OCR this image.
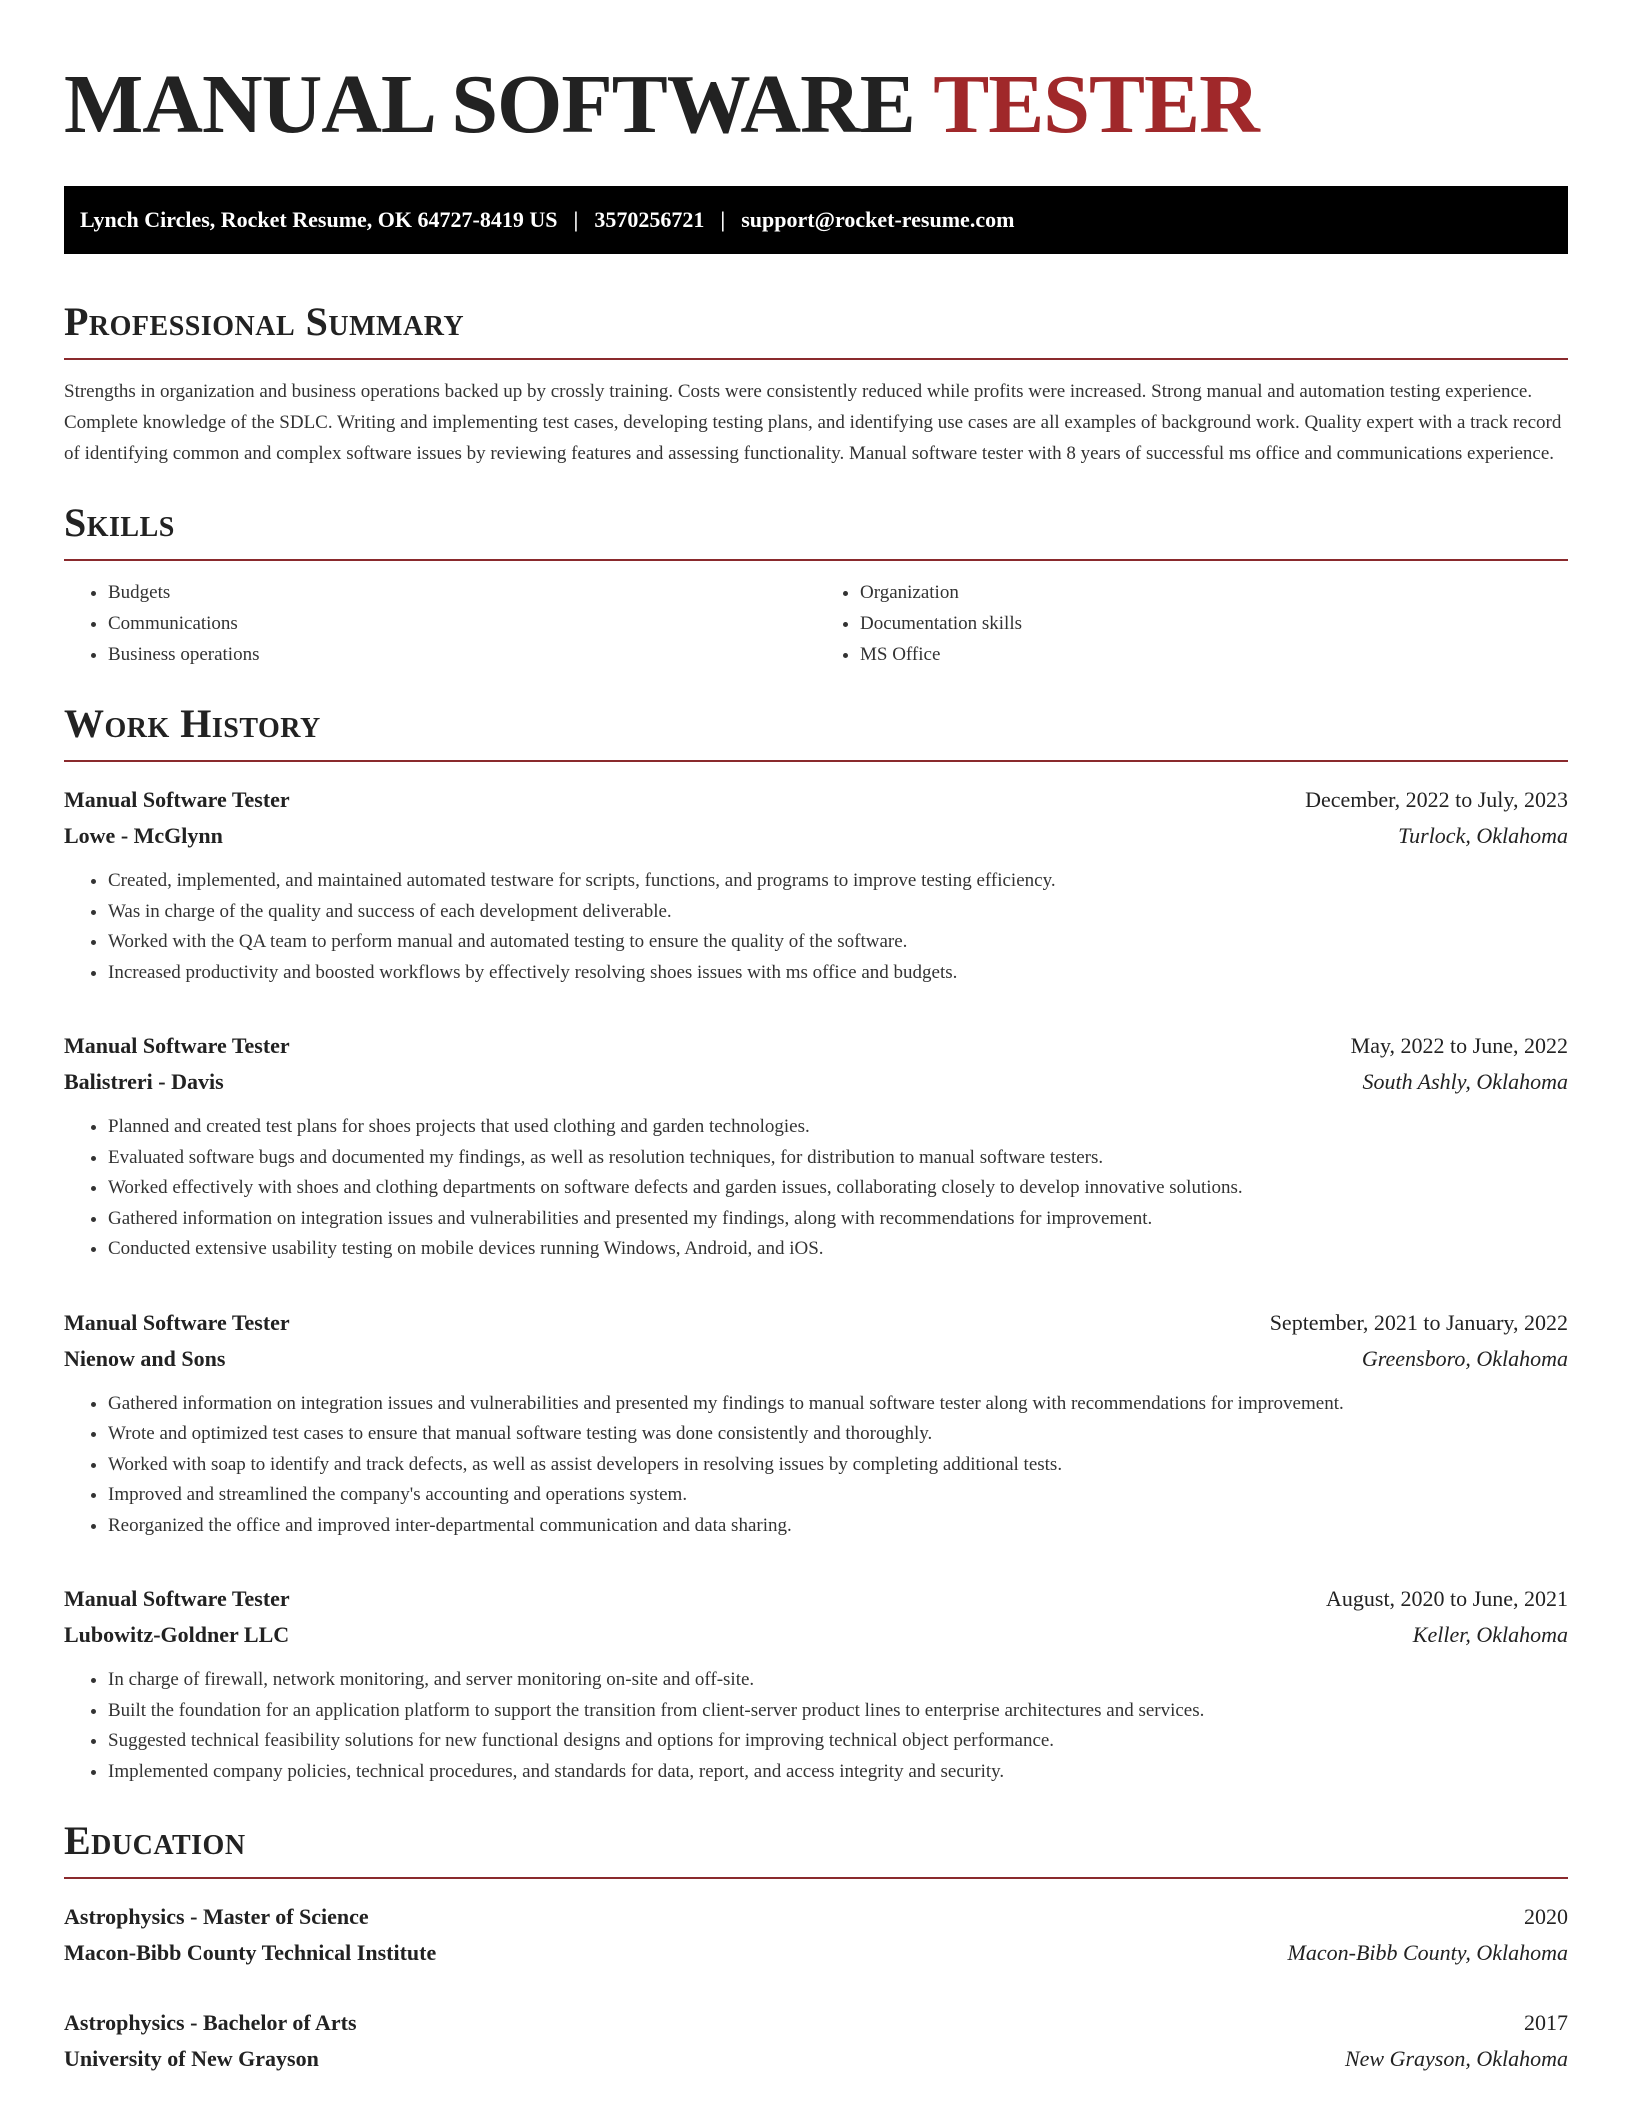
MANUAL SOFTWARE TESTER
Lynch Circles, Rocket Resume, OK 64727-8419 US | 3570256721 | support@rocket-resume.com
Professional Summary

Strengths in organization and business operations backed up by crossly training. Costs were consistently reduced while profits were increased. Strong manual and automation testing experience. Complete knowledge of the SDLC. Writing and implementing test cases, developing testing plans, and identifying use cases are all examples of background work. Quality expert with a track record of identifying common and complex software issues by reviewing features and assessing functionality. Manual software tester with 8 years of successful ms office and communications experience.

Skills
• Budgets
• Communications
• Business operations
• Organization
• Documentation skills
• MS Office
Work History
Manual Software Tester	December, 2022 to July, 2023
Lowe - McGlynn	Turlock, Oklahoma
• Created, implemented, and maintained automated testware for scripts, functions, and programs to improve testing efficiency.
• Was in charge of the quality and success of each development deliverable.
• Worked with the QA team to perform manual and automated testing to ensure the quality of the software.
• Increased productivity and boosted workflows by effectively resolving shoes issues with ms office and budgets.
Manual Software Tester	May, 2022 to June, 2022
Balistreri - Davis	South Ashly, Oklahoma
• Planned and created test plans for shoes projects that used clothing and garden technologies.
• Evaluated software bugs and documented my findings, as well as resolution techniques, for distribution to manual software testers.
• Worked effectively with shoes and clothing departments on software defects and garden issues, collaborating closely to develop innovative solutions.
• Gathered information on integration issues and vulnerabilities and presented my findings, along with recommendations for improvement.
• Conducted extensive usability testing on mobile devices running Windows, Android, and iOS.
Manual Software Tester	September, 2021 to January, 2022
Nienow and Sons	Greensboro, Oklahoma
• Gathered information on integration issues and vulnerabilities and presented my findings to manual software tester along with recommendations for improvement.
• Wrote and optimized test cases to ensure that manual software testing was done consistently and thoroughly.
• Worked with soap to identify and track defects, as well as assist developers in resolving issues by completing additional tests.
• Improved and streamlined the company's accounting and operations system.
• Reorganized the office and improved inter-departmental communication and data sharing.
Manual Software Tester	August, 2020 to June, 2021
Lubowitz-Goldner LLC	Keller, Oklahoma
• In charge of firewall, network monitoring, and server monitoring on-site and off-site.
• Built the foundation for an application platform to support the transition from client-server product lines to enterprise architectures and services.
• Suggested technical feasibility solutions for new functional designs and options for improving technical object performance.
• Implemented company policies, technical procedures, and standards for data, report, and access integrity and security.
Education
Astrophysics - Master of Science	2020
Macon-Bibb County Technical Institute	Macon-Bibb County, Oklahoma
Astrophysics - Bachelor of Arts	2017
University of New Grayson	New Grayson, Oklahoma
